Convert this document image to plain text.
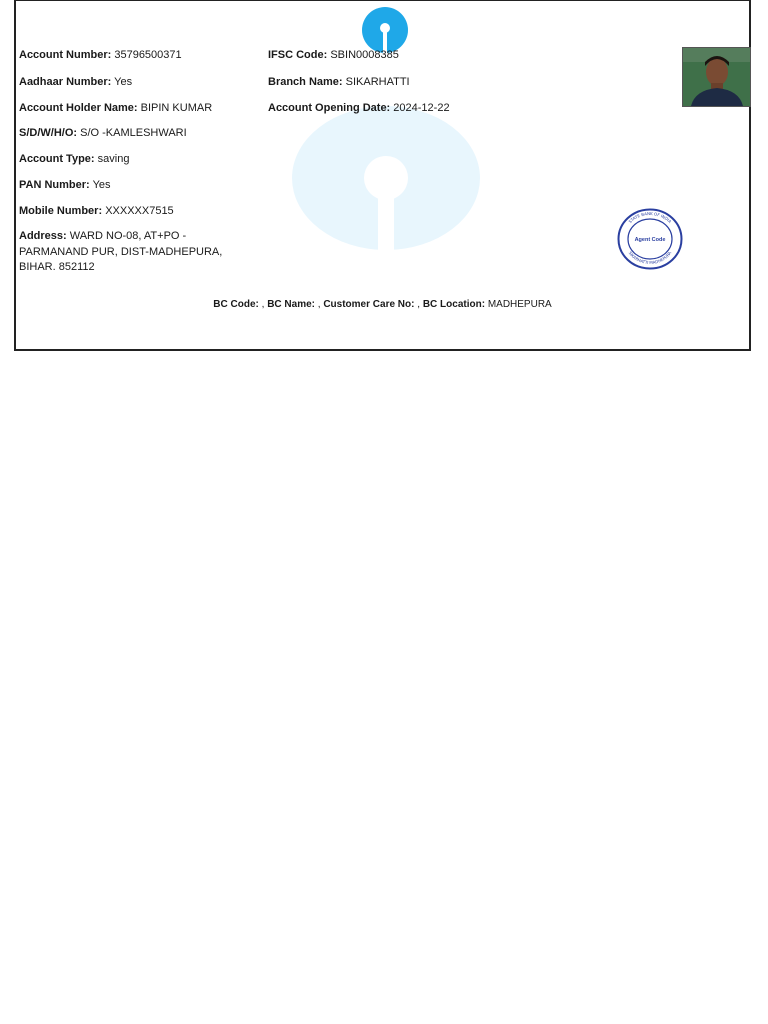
Account Number: 35796500371
Aadhaar Number: Yes
Account Holder Name: BIPIN KUMAR
S/D/W/H/O: S/O -KAMLESHWARI
Account Type: saving
PAN Number: Yes
Mobile Number: XXXXXX7515
Address: WARD NO-08, AT+PO - PARMANAND PUR, DIST-MADHEPURA, BIHAR. 852112
IFSC Code: SBIN0008385
Branch Name: SIKARHATTI
Account Opening Date: 2024-12-22
STATE BANK OF INDIA
SIKARHATTI MADHEPURA
Agent Code
BC Code: , BC Name: , Customer Care No: , BC Location: MADHEPURA
